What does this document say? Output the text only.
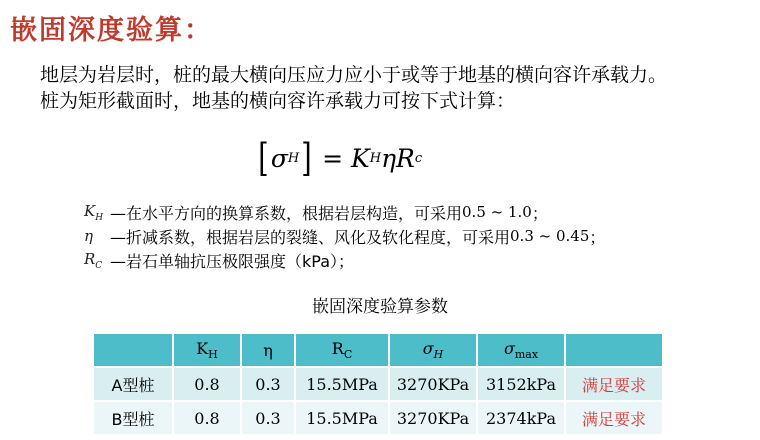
嵌固深度验算：
地层为岩层时，桩的最大横向压应力应小于或等于地基的横向容许承载力。
桩为矩形截面时，地基的横向容许承载力可按下式计算：
[ σ H ] = K H η R c
$K_H$ —在水平方向的换算系数，根据岩层构造，可采用 0.5 ~ 1.0 ；
η	—折减系数，根据岩层的裂缝、风化及软化程度，可采用 0.3 ~ 0.45 ；
$R_C$ —岩石单轴抗压极限强度（kPa）；
嵌固深度验算参数
	$K_H$	η	$R_C$	$\sigma_H$	$\sigma_{max}$	
A型桩	0.8	0.3	15.5MPa	3270KPa	3152kPa	满足要求
B型桩	0.8	0.3	15.5MPa	3270KPa	2374kPa	满足要求
